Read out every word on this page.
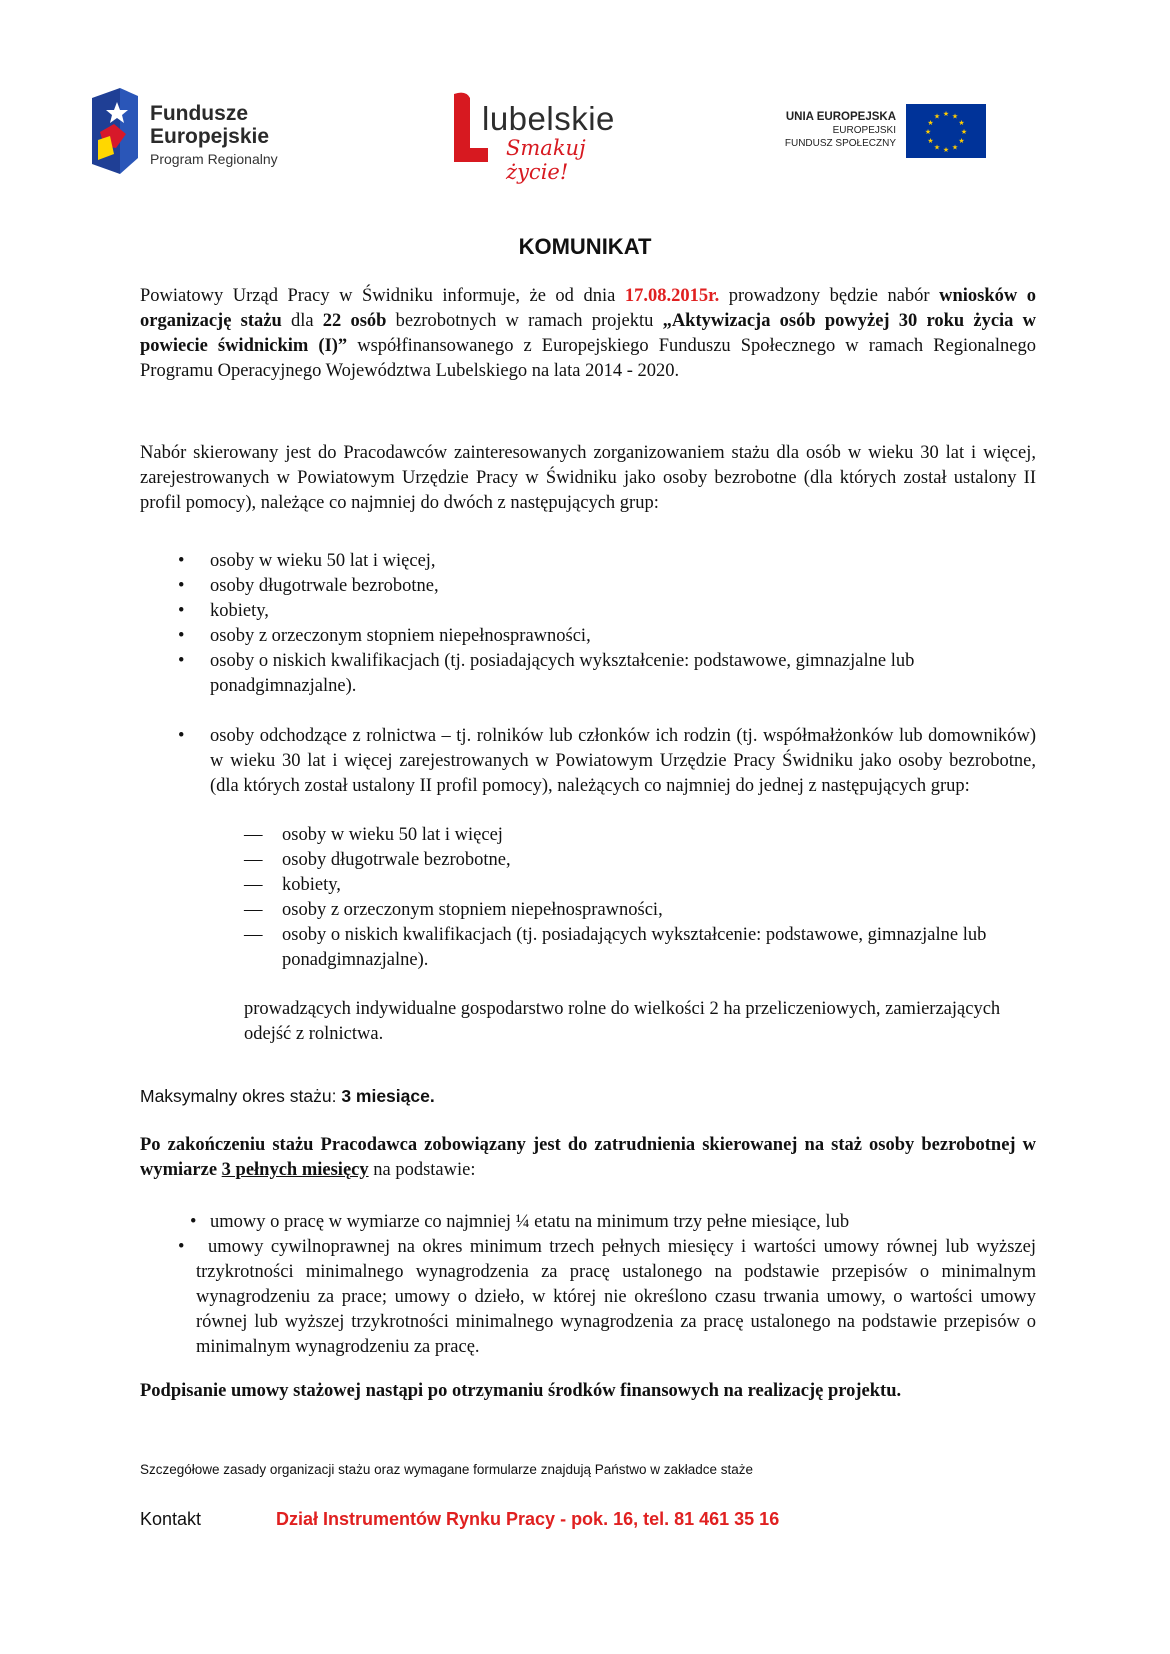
Fundusze
Europejskie
Program Regionalny
lubelskie
Smakuj życie!
UNIA EUROPEJSKA
EUROPEJSKI
FUNDUSZ SPOŁECZNY
★ ★
★
★
★
★
★
★
★
★
★
★
KOMUNIKAT

Powiatowy Urząd Pracy w Świdniku informuje, że od dnia 17.08.2015r. prowadzony będzie nabór wniosków o organizację stażu dla 22 osób bezrobotnych w ramach projektu „Aktywizacja osób powyżej 30 roku życia w powiecie świdnickim (I)” współfinansowanego z Europejskiego Funduszu Społecznego w ramach Regionalnego Programu Operacyjnego Województwa Lubelskiego na lata 2014 - 2020.

Nabór skierowany jest do Pracodawców zainteresowanych zorganizowaniem stażu dla osób w wieku 30 lat i więcej, zarejestrowanych w Powiatowym Urzędzie Pracy w Świdniku jako osoby bezrobotne (dla których został ustalony II profil pomocy), należące co najmniej do dwóch z następujących grup:

• osoby w wieku 50 lat i więcej,
• osoby długotrwale bezrobotne,
• kobiety,
• osoby z orzeczonym stopniem niepełnosprawności,
• osoby o niskich kwalifikacjach (tj. posiadających wykształcenie: podstawowe, gimnazjalne lub ponadgimnazjalne).
• osoby odchodzące z rolnictwa – tj. rolników lub członków ich rodzin (tj. współmałżonków lub domowników) w wieku 30 lat i więcej zarejestrowanych w Powiatowym Urzędzie Pracy Świdniku jako osoby bezrobotne, (dla których został ustalony II profil pomocy), należących co najmniej do jednej z następujących grup:
— osoby w wieku 50 lat i więcej
— osoby długotrwale bezrobotne,
— kobiety,
— osoby z orzeczonym stopniem niepełnosprawności,
— osoby o niskich kwalifikacjach (tj. posiadających wykształcenie: podstawowe, gimnazjalne lub ponadgimnazjalne).

prowadzących indywidualne gospodarstwo rolne do wielkości 2 ha przeliczeniowych, zamierzających odejść z rolnictwa.

Maksymalny okres stażu: 3 miesiące.

Po zakończeniu stażu Pracodawca zobowiązany jest do zatrudnienia skierowanej na staż osoby bezrobotnej w wymiarze 3 pełnych miesięcy na podstawie:

• umowy o pracę w wymiarze co najmniej ¼ etatu na minimum trzy pełne miesiące, lub
• umowy cywilnoprawnej na okres minimum trzech pełnych miesięcy i wartości umowy równej lub wyższej trzykrotności minimalnego wynagrodzenia za pracę ustalonego na podstawie przepisów o minimalnym wynagrodzeniu za prace; umowy o dzieło, w której nie określono czasu trwania umowy, o wartości umowy równej lub wyższej trzykrotności minimalnego wynagrodzenia za pracę ustalonego na podstawie przepisów o minimalnym wynagrodzeniu za pracę.

Podpisanie umowy stażowej nastąpi po otrzymaniu środków finansowych na realizację projektu.

Szczegółowe zasady organizacji stażu oraz wymagane formularze znajdują Państwo w zakładce staże
Kontakt	Dział Instrumentów Rynku Pracy - pok. 16, tel. 81 461 35 16
